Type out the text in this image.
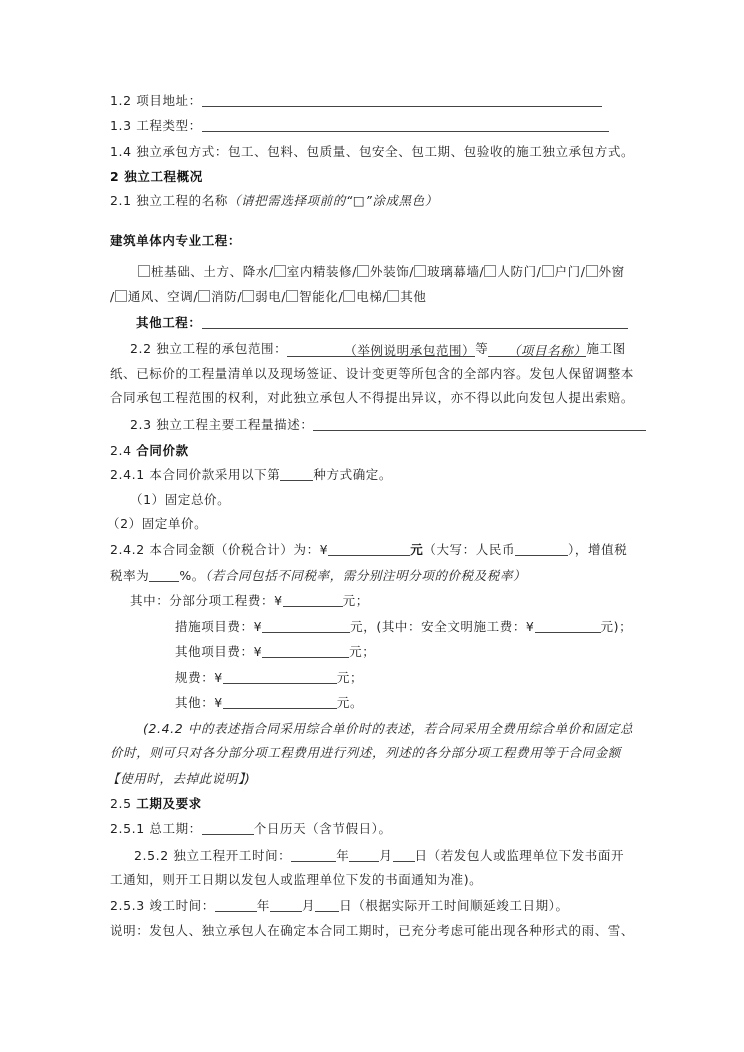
1.2 项目地址：
1.3 工程类型：
1.4 独立承包方式：包工、包料、包质量、包安全、包工期、包验收的施工独立承包方式。
2 独立工程概况
2.1 独立工程的名称（请把需选择项前的“□”涂成黑色）
建筑单体内专业工程：
桩基础、土方、降水/ 室内精装修/ 外装饰/ 玻璃幕墙/ 人防门/ 户门/ 外窗
/ 通风、空调/ 消防/ 弱电/ 智能化/ 电梯/ 其他
其他工程：
2.2 独立工程的承包范围：	（举例说明承包范围）等 （项目名称）施工图
纸、已标价的工程量清单以及现场签证、设计变更等所包含的全部内容。发包人保留调整本
合同承包工程范围的权利，对此独立承包人不得提出异议，亦不得以此向发包人提出索赔。
2.3 独立工程主要工程量描述：
2.4 合同价款
2.4.1 本合同价款采用以下第	种方式确定。
（1）固定总价。
（2）固定单价。
2.4.2 本合同金额（价税合计）为：¥	元（大写：人民币	），增值税
税率为 %。（若合同包括不同税率，需分别注明分项的价税及税率）
其中：分部分项工程费：¥	元；
措施项目费：¥	元，(其中：安全文明施工费：¥	元)；
其他项目费：¥	元；
规费：¥	元；
其他：¥	元。
(2.4.2 中的表述指合同采用综合单价时的表述，若合同采用全费用综合单价和固定总
价时，则可只对各分部分项工程费用进行列述，列述的各分部分项工程费用等于合同金额
【使用时，去掉此说明】)
2.5 工期及要求
2.5.1 总工期：	个日历天（含节假日）。
2.5.2 独立工程开工时间：	年 月 日（若发包人或监理单位下发书面开
工通知，则开工日期以发包人或监理单位下发的书面通知为准)。
2.5.3 竣工时间：	年	月 日（根据实际开工时间顺延竣工日期）。
说明：发包人、独立承包人在确定本合同工期时，已充分考虑可能出现各种形式的雨、雪、
